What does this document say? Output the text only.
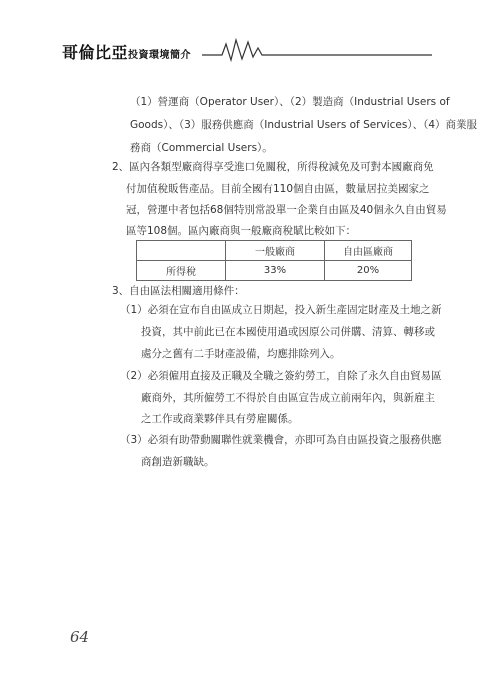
哥倫比亞投資環境簡介
（1）營運商（Operator User）、（2）製造商（Industrial Users of
Goods）、（3）服務供應商（Industrial Users of Services）、（4）商業服
務商（Commercial Users）。
2、區內各類型廠商得享受進口免關稅，所得稅減免及可對本國廠商免
付加值稅販售產品。目前全國有110個自由區，數量居拉美國家之
冠，營運中者包括68個特別常設單一企業自由區及40個永久自由貿易
區等108個。區內廠商與一般廠商稅賦比較如下：
	一般廠商	自由區廠商
所得稅	33%	20%
3、自由區法相關適用條件：
（1）必須在宣布自由區成立日期起，投入新生產固定財產及土地之新
投資，其中前此已在本國使用過或因原公司併購、清算、轉移或
處分之舊有二手財產設備，均應排除列入。
（2）必須僱用直接及正職及全職之簽約勞工，自除了永久自由貿易區
廠商外，其所僱勞工不得於自由區宣告成立前兩年內，與新雇主
之工作或商業夥伴具有勞雇關係。
（3）必須有助帶動關聯性就業機會，亦即可為自由區投資之服務供應
商創造新職缺。
64
